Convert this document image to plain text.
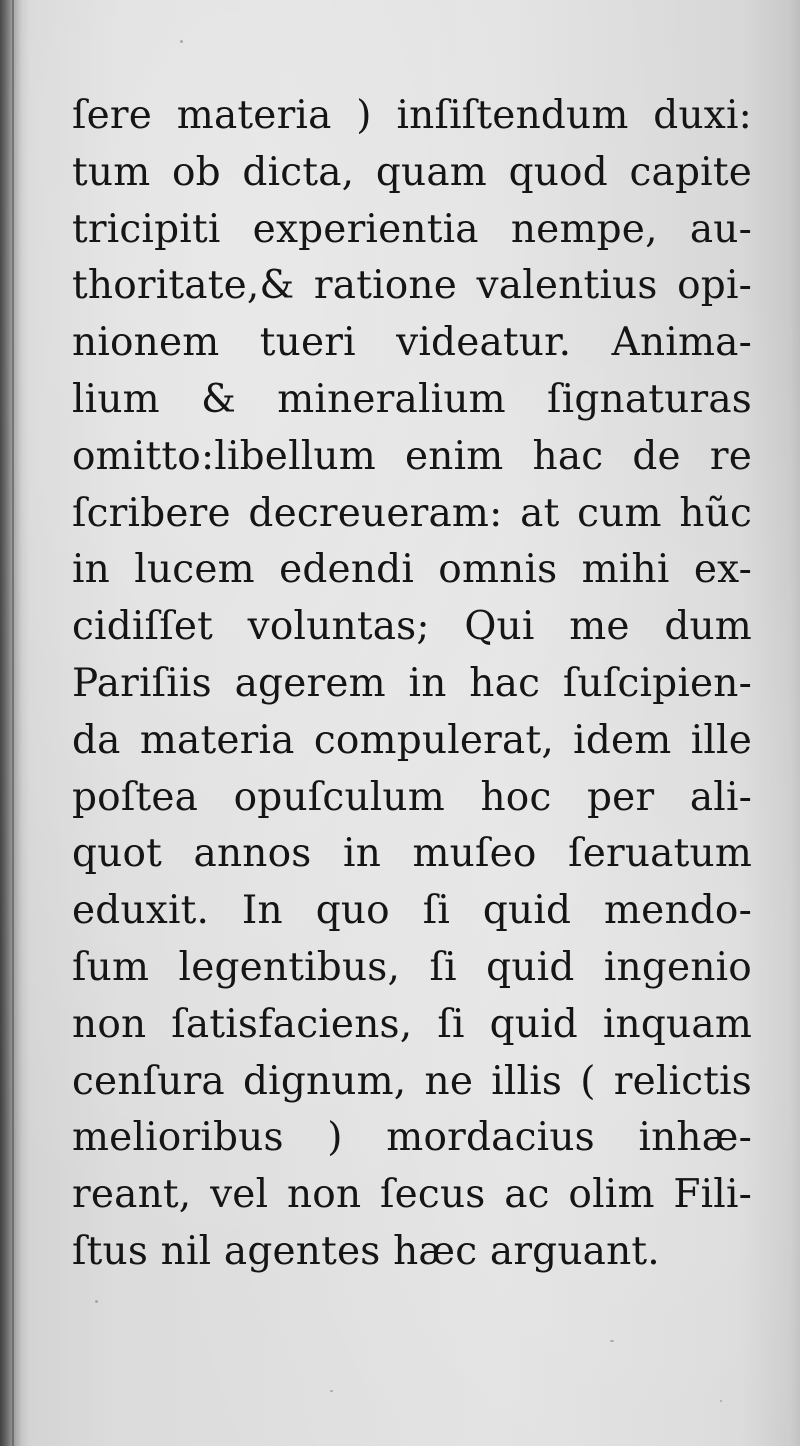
ſere materia ) inſiſtendum duxi:
tum ob dicta, quam quod capite
tricipiti experientia nempe, au-
thoritate,& ratione valentius opi-
nionem tueri videatur. Anima-
lium & mineralium ſignaturas
omitto:libellum enim hac de re
ſcribere decreueram: at cum hũc
in lucem edendi omnis mihi ex-
cidiſſet voluntas; Qui me dum
Pariſiis agerem in hac ſuſcipien-
da materia compulerat, idem ille
poſtea opuſculum hoc per ali-
quot annos in muſeo ſeruatum
eduxit. In quo ſi quid mendo-
ſum legentibus, ſi quid ingenio
non ſatisfaciens, ſi quid inquam
cenſura dignum, ne illis ( relictis
melioribus ) mordacius inhæ-
reant, vel non ſecus ac olim Fili-
ſtus nil agentes hæc arguant.
